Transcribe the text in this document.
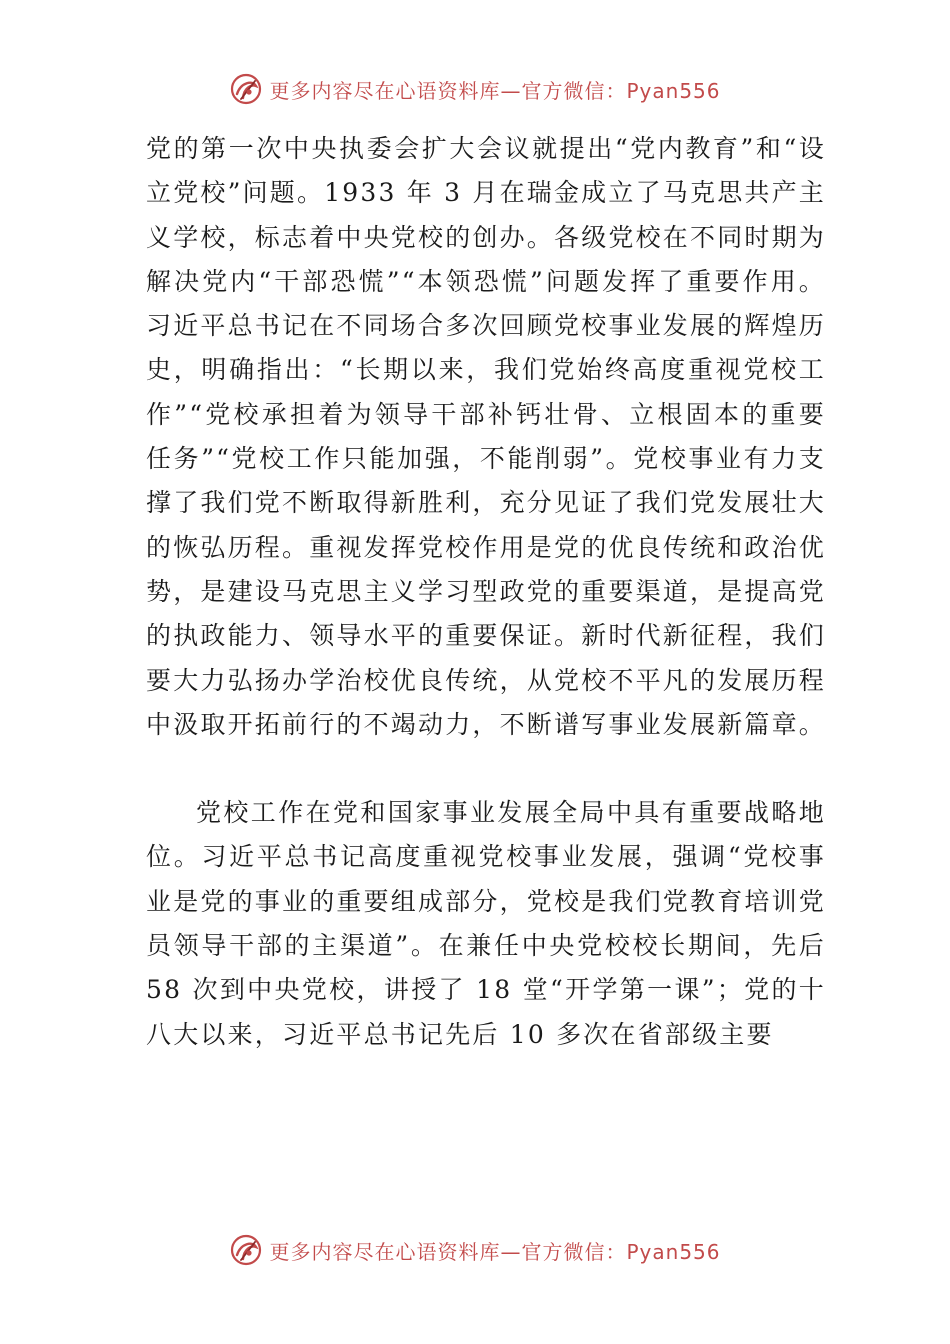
更多内容尽在心语资料库—官方微信：Pyan556

党的第一次中央执委会扩大会议就提出“党内教育”和“设立党校”问题。1933 年 3 月在瑞金成立了马克思共产主义学校，标志着中央党校的创办。各级党校在不同时期为解决党内“干部恐慌”“本领恐慌”问题发挥了重要作用。习近平总书记在不同场合多次回顾党校事业发展的辉煌历史，明确指出：“长期以来，我们党始终高度重视党校工作”“党校承担着为领导干部补钙壮骨、立根固本的重要任务”“党校工作只能加强，不能削弱”。党校事业有力支撑了我们党不断取得新胜利，充分见证了我们党发展壮大的恢弘历程。重视发挥党校作用是党的优良传统和政治优势，是建设马克思主义学习型政党的重要渠道，是提高党的执政能力、领导水平的重要保证。新时代新征程，我们要大力弘扬办学治校优良传统，从党校不平凡的发展历程中汲取开拓前行的不竭动力，不断谱写事业发展新篇章。

党校工作在党和国家事业发展全局中具有重要战略地位。习近平总书记高度重视党校事业发展，强调“党校事业是党的事业的重要组成部分，党校是我们党教育培训党员领导干部的主渠道”。在兼任中央党校校长期间，先后 58 次到中央党校，讲授了 18 堂“开学第一课”；党的十八大以来，习近平总书记先后 10 多次在省部级主要

更多内容尽在心语资料库—官方微信：Pyan556
